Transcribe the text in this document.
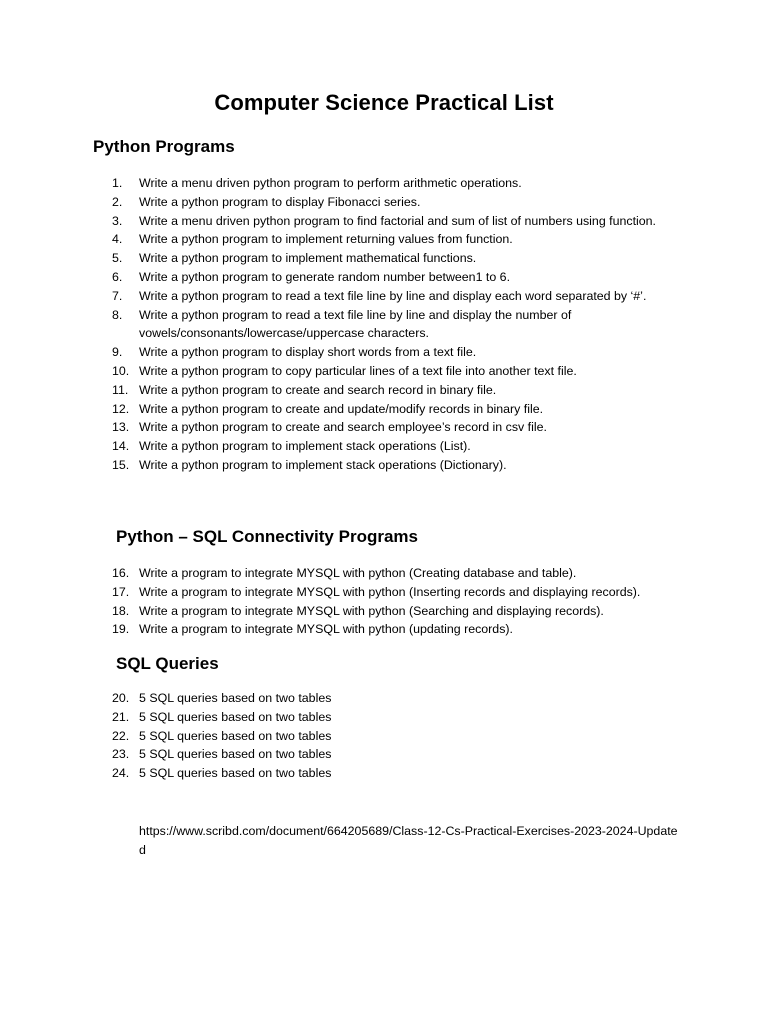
Computer Science Practical List
Python Programs
1.	Write a menu driven python program to perform arithmetic operations.
2.	Write a python program to display Fibonacci series.
3.	Write a menu driven python program to find factorial and sum of list of numbers using function.
4.	Write a python program to implement returning values from function.
5.	Write a python program to implement mathematical functions.
6.	Write a python program to generate random number between1 to 6.
7.	Write a python program to read a text file line by line and display each word separated by ‘#’.
8.	Write a python program to read a text file line by line and display the number of vowels/consonants/lowercase/uppercase characters.
9.	Write a python program to display short words from a text file.
10. Write a python program to copy particular lines of a text file into another text file.
11. Write a python program to create and search record in binary file.
12. Write a python program to create and update/modify records in binary file.
13. Write a python program to create and search employee’s record in csv file.
14. Write a python program to implement stack operations (List).
15. Write a python program to implement stack operations (Dictionary).
Python – SQL Connectivity Programs
16. Write a program to integrate MYSQL with python (Creating database and table).
17. Write a program to integrate MYSQL with python (Inserting records and displaying records).
18. Write a program to integrate MYSQL with python (Searching and displaying records).
19. Write a program to integrate MYSQL with python (updating records).
SQL Queries
20. 5 SQL queries based on two tables
21. 5 SQL queries based on two tables
22. 5 SQL queries based on two tables
23. 5 SQL queries based on two tables
24. 5 SQL queries based on two tables
https://www.scribd.com/document/664205689/Class-12-Cs-Practical-Exercises-2023-2024-Updated
